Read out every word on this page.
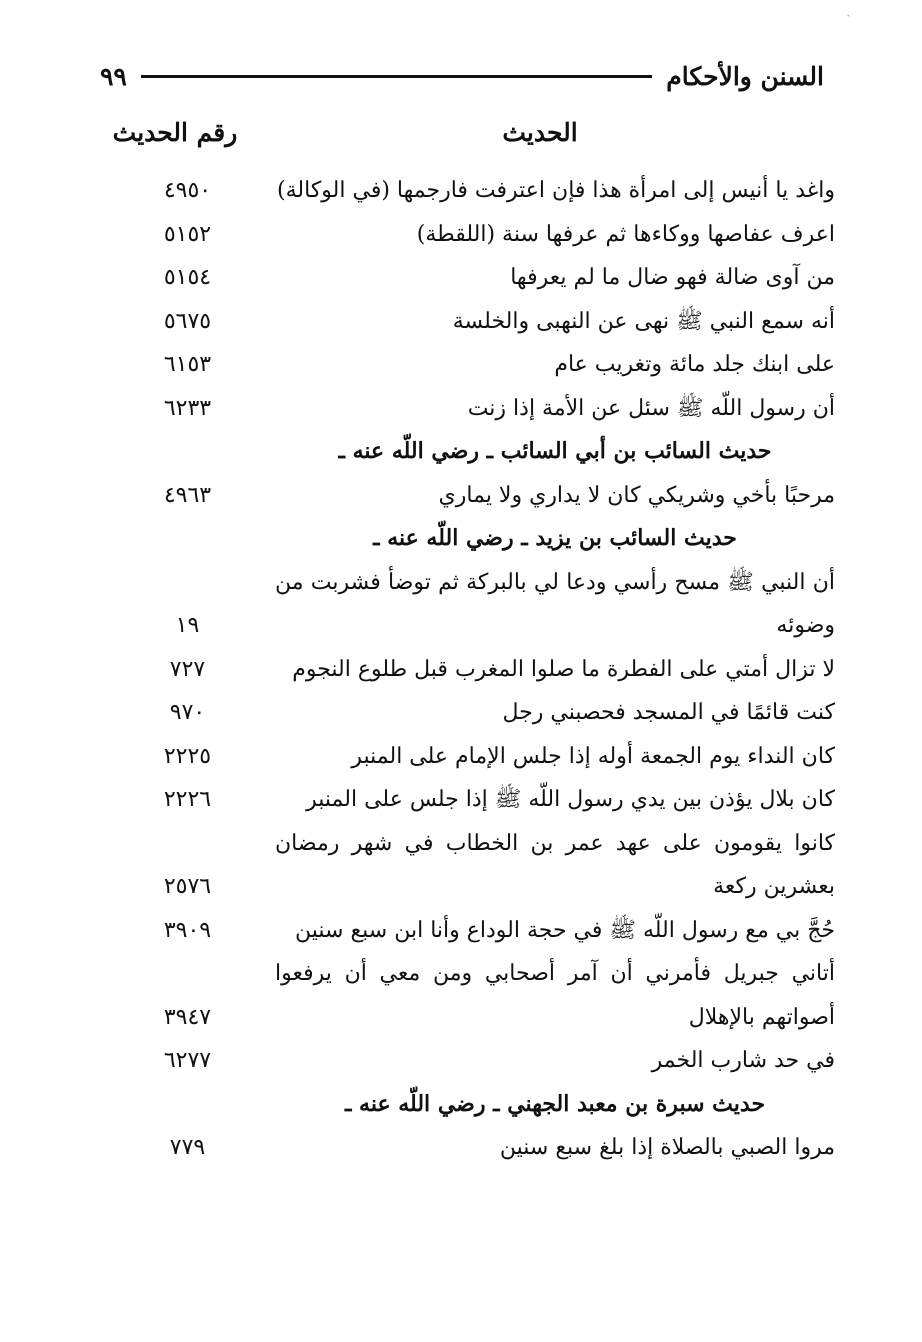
ˎ
السنن والأحكام
٩٩
الحديث
رقم الحديث
واغد يا أنيس إلى امرأة هذا فإن اعترفت فارجمها (في الوكالة)
٤٩٥٠
اعرف عفاصها ووكاءها ثم عرفها سنة (اللقطة)
٥١٥٢
من آوى ضالة فهو ضال ما لم يعرفها
٥١٥٤
أنه سمع النبي ﷺ نهى عن النهبى والخلسة
٥٦٧٥
على ابنك جلد مائة وتغريب عام
٦١٥٣
أن رسول اللّه ﷺ سئل عن الأمة إذا زنت
٦٢٣٣
حديث السائب بن أبي السائب ـ رضي اللّه عنه ـ
مرحبًا بأخي وشريكي كان لا يداري ولا يماري
٤٩٦٣
حديث السائب بن يزيد ـ رضي اللّه عنه ـ
أن النبي ﷺ مسح رأسي ودعا لي بالبركة ثم توضأ فشربت من وضوئه
١٩
لا تزال أمتي على الفطرة ما صلوا المغرب قبل طلوع النجوم
٧٢٧
كنت قائمًا في المسجد فحصبني رجل
٩٧٠
كان النداء يوم الجمعة أوله إذا جلس الإمام على المنبر
٢٢٢٥
كان بلال يؤذن بين يدي رسول اللّه ﷺ إذا جلس على المنبر
٢٢٢٦
كانوا يقومون على عهد عمر بن الخطاب في شهر رمضان بعشرين ركعة
٢٥٧٦
حُجَّ بي مع رسول اللّه ﷺ في حجة الوداع وأنا ابن سبع سنين
٣٩٠٩
أتاني جبريل فأمرني أن آمر أصحابي ومن معي أن يرفعوا أصواتهم بالإهلال
٣٩٤٧
في حد شارب الخمر
٦٢٧٧
حديث سبرة بن معبد الجهني ـ رضي اللّه عنه ـ
مروا الصبي بالصلاة إذا بلغ سبع سنين
٧٧٩
